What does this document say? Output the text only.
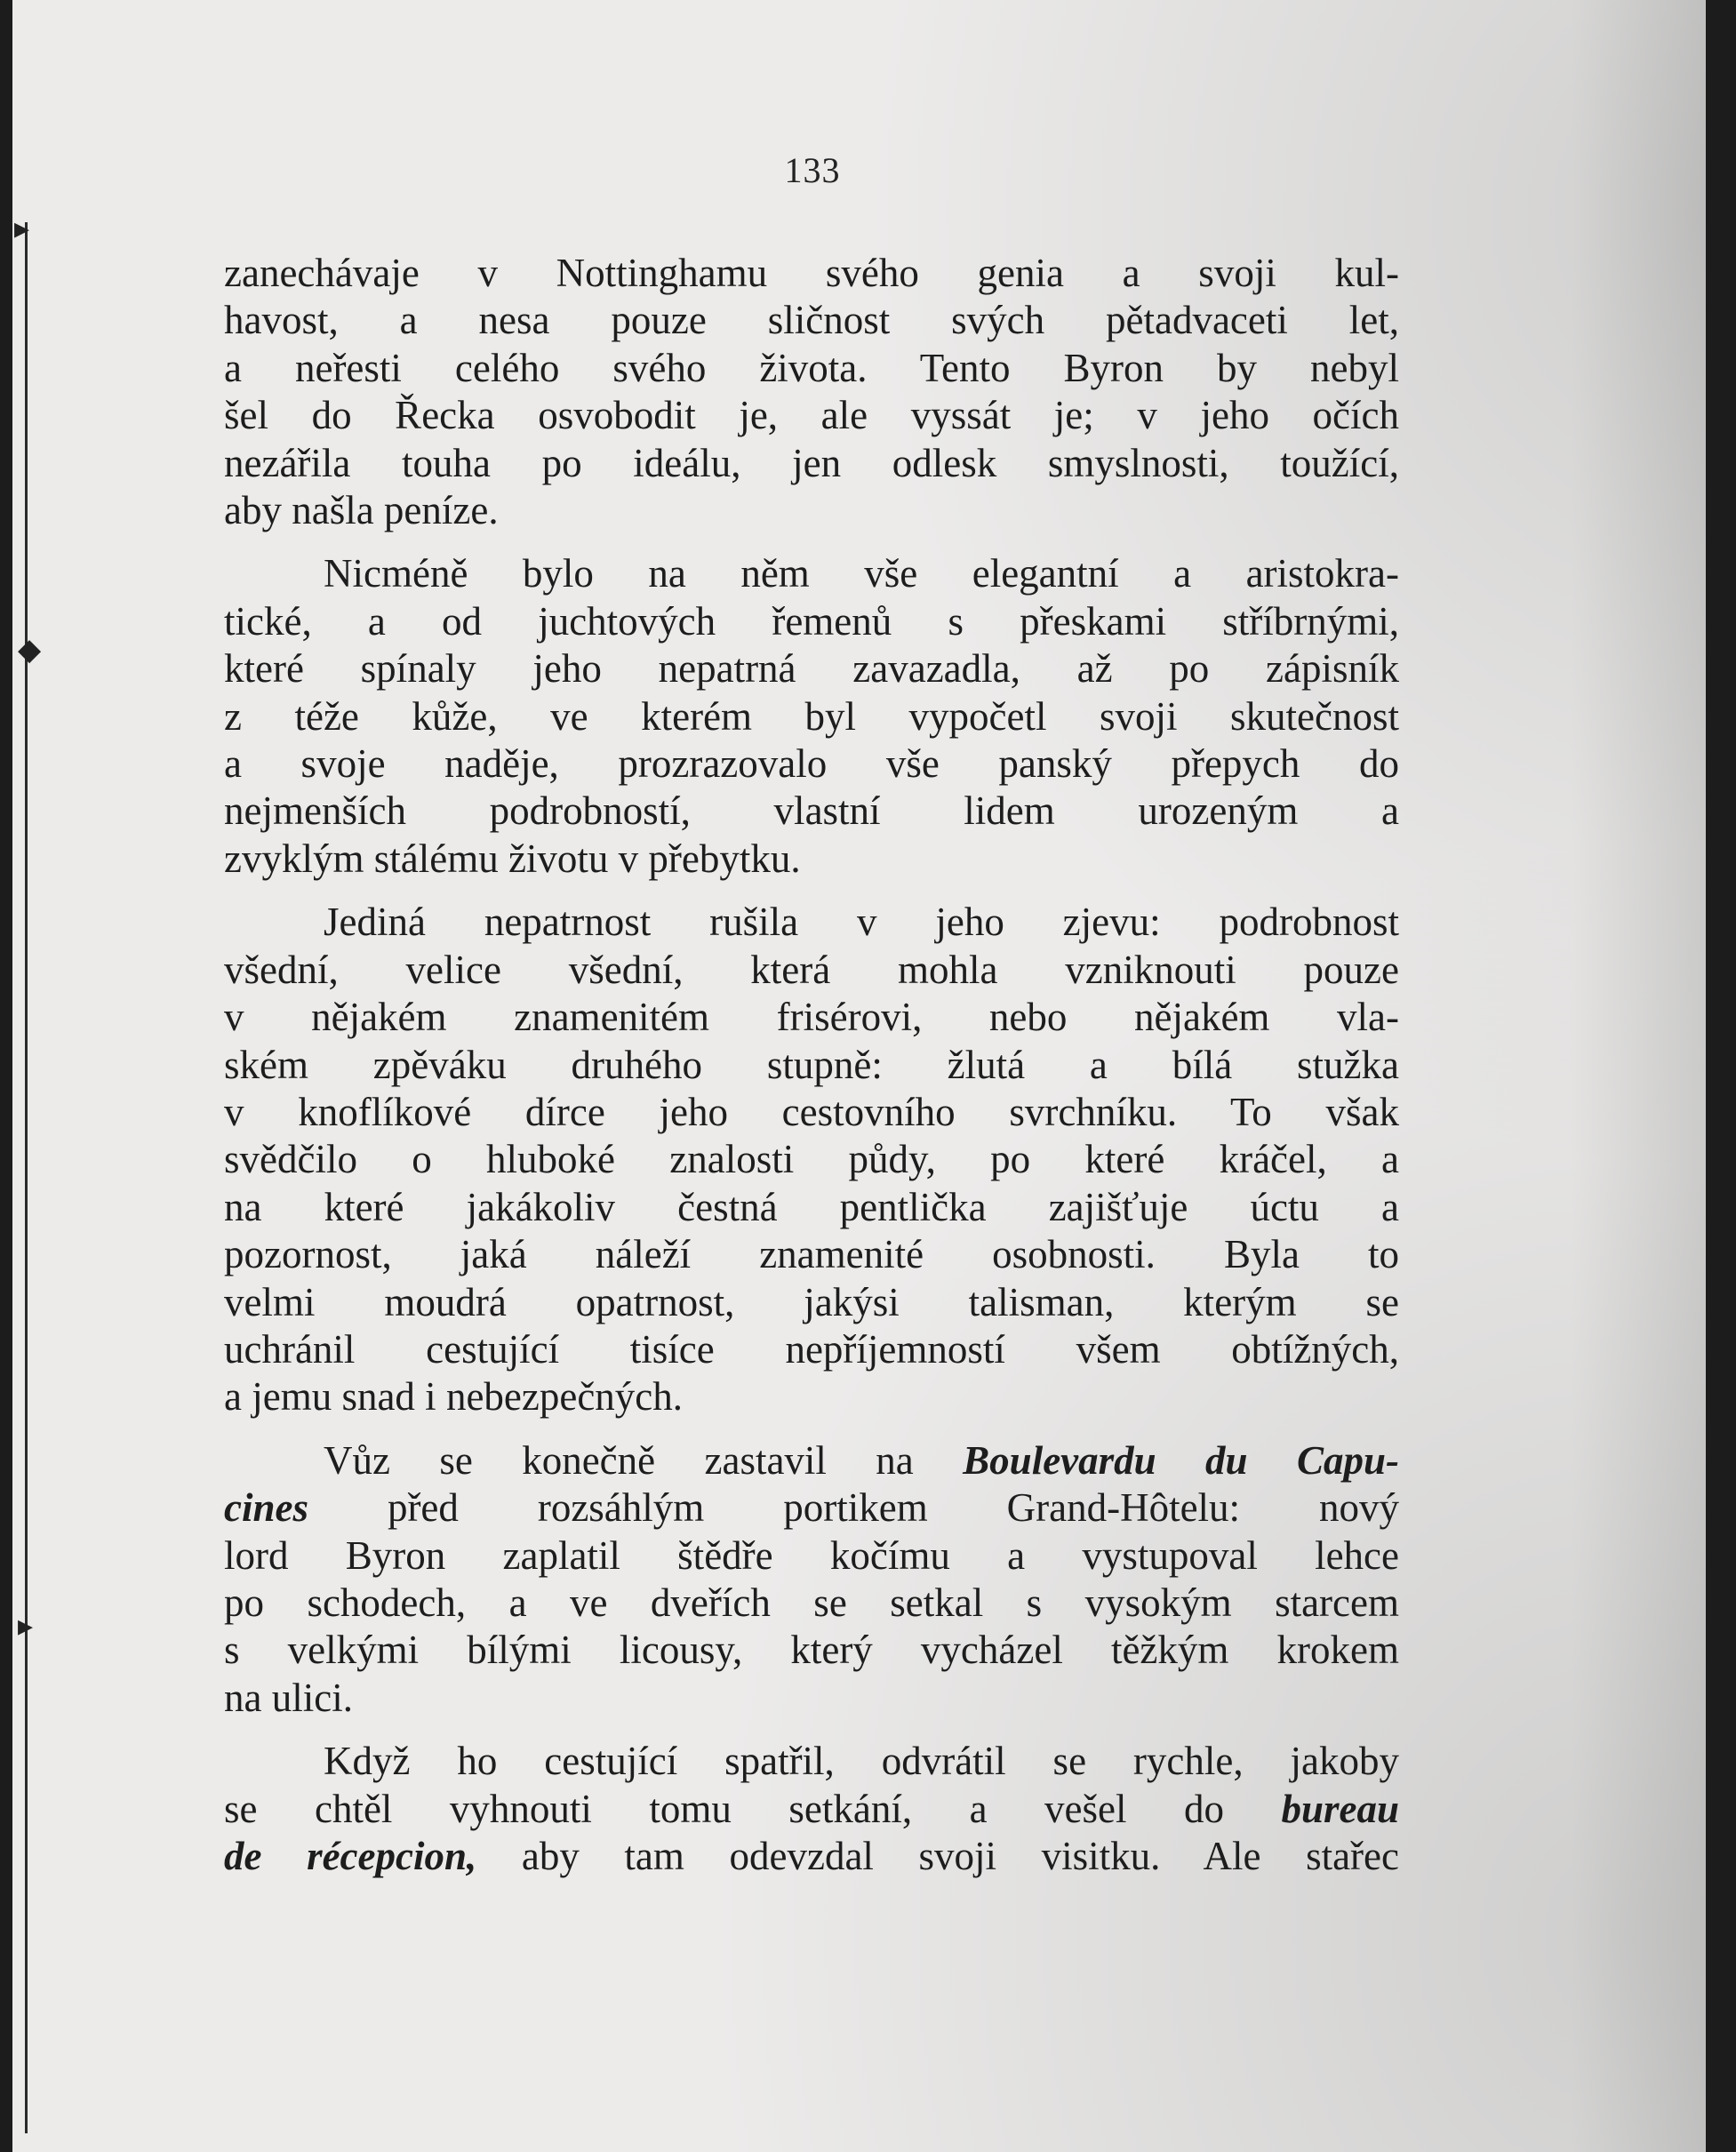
▸
◆
▸
133

zanechávaje v Nottinghamu svého genia a svoji kul-
havost, a nesa pouze sličnost svých pětadvaceti let,
a neřesti celého svého života. Tento Byron by nebyl
šel do Řecka osvobodit je, ale vyssát je; v jeho očích
nezářila touha po ideálu, jen odlesk smyslnosti, toužící,
aby našla peníze.

Nicméně bylo na něm vše elegantní a aristokra-
tické, a od juchtových řemenů s přeskami stříbrnými,
které spínaly jeho nepatrná zavazadla, až po zápisník
z téže kůže, ve kterém byl vypočetl svoji skutečnost
a svoje naděje, prozrazovalo vše panský přepych do
nejmenších podrobností, vlastní lidem urozeným a
zvyklým stálému životu v přebytku.

Jediná nepatrnost rušila v jeho zjevu: podrobnost
všední, velice všední, která mohla vzniknouti pouze
v nějakém znamenitém frisérovi, nebo nějakém vla-
ském zpěváku druhého stupně: žlutá a bílá stužka
v knoflíkové dírce jeho cestovního svrchníku. To však
svědčilo o hluboké znalosti půdy, po které kráčel, a
na které jakákoliv čestná pentlička zajišťuje úctu a
pozornost, jaká náleží znamenité osobnosti. Byla to
velmi moudrá opatrnost, jakýsi talisman, kterým se
uchránil cestující tisíce nepříjemností všem obtížných,
a jemu snad i nebezpečných.

Vůz se konečně zastavil na Boulevardu du Capu-
cines před rozsáhlým portikem Grand-Hôtelu: nový
lord Byron zaplatil štědře kočímu a vystupoval lehce
po schodech, a ve dveřích se setkal s vysokým starcem
s velkými bílými licousy, který vycházel těžkým krokem
na ulici.

Když ho cestující spatřil, odvrátil se rychle, jakoby
se chtěl vyhnouti tomu setkání, a vešel do bureau
de récepcion, aby tam odevzdal svoji visitku. Ale stařec
